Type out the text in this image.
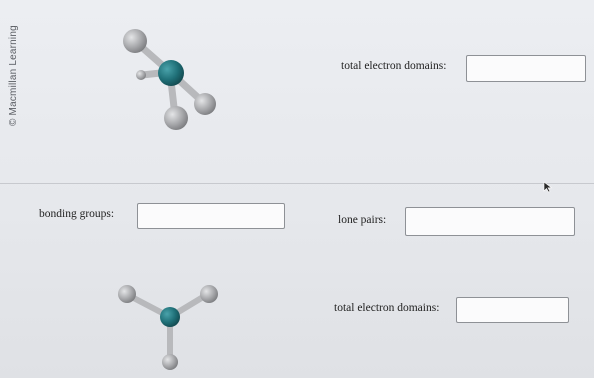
© Macmillan Learning	total electron domains:
bonding groups:	lone pairs:
total electron domains:
